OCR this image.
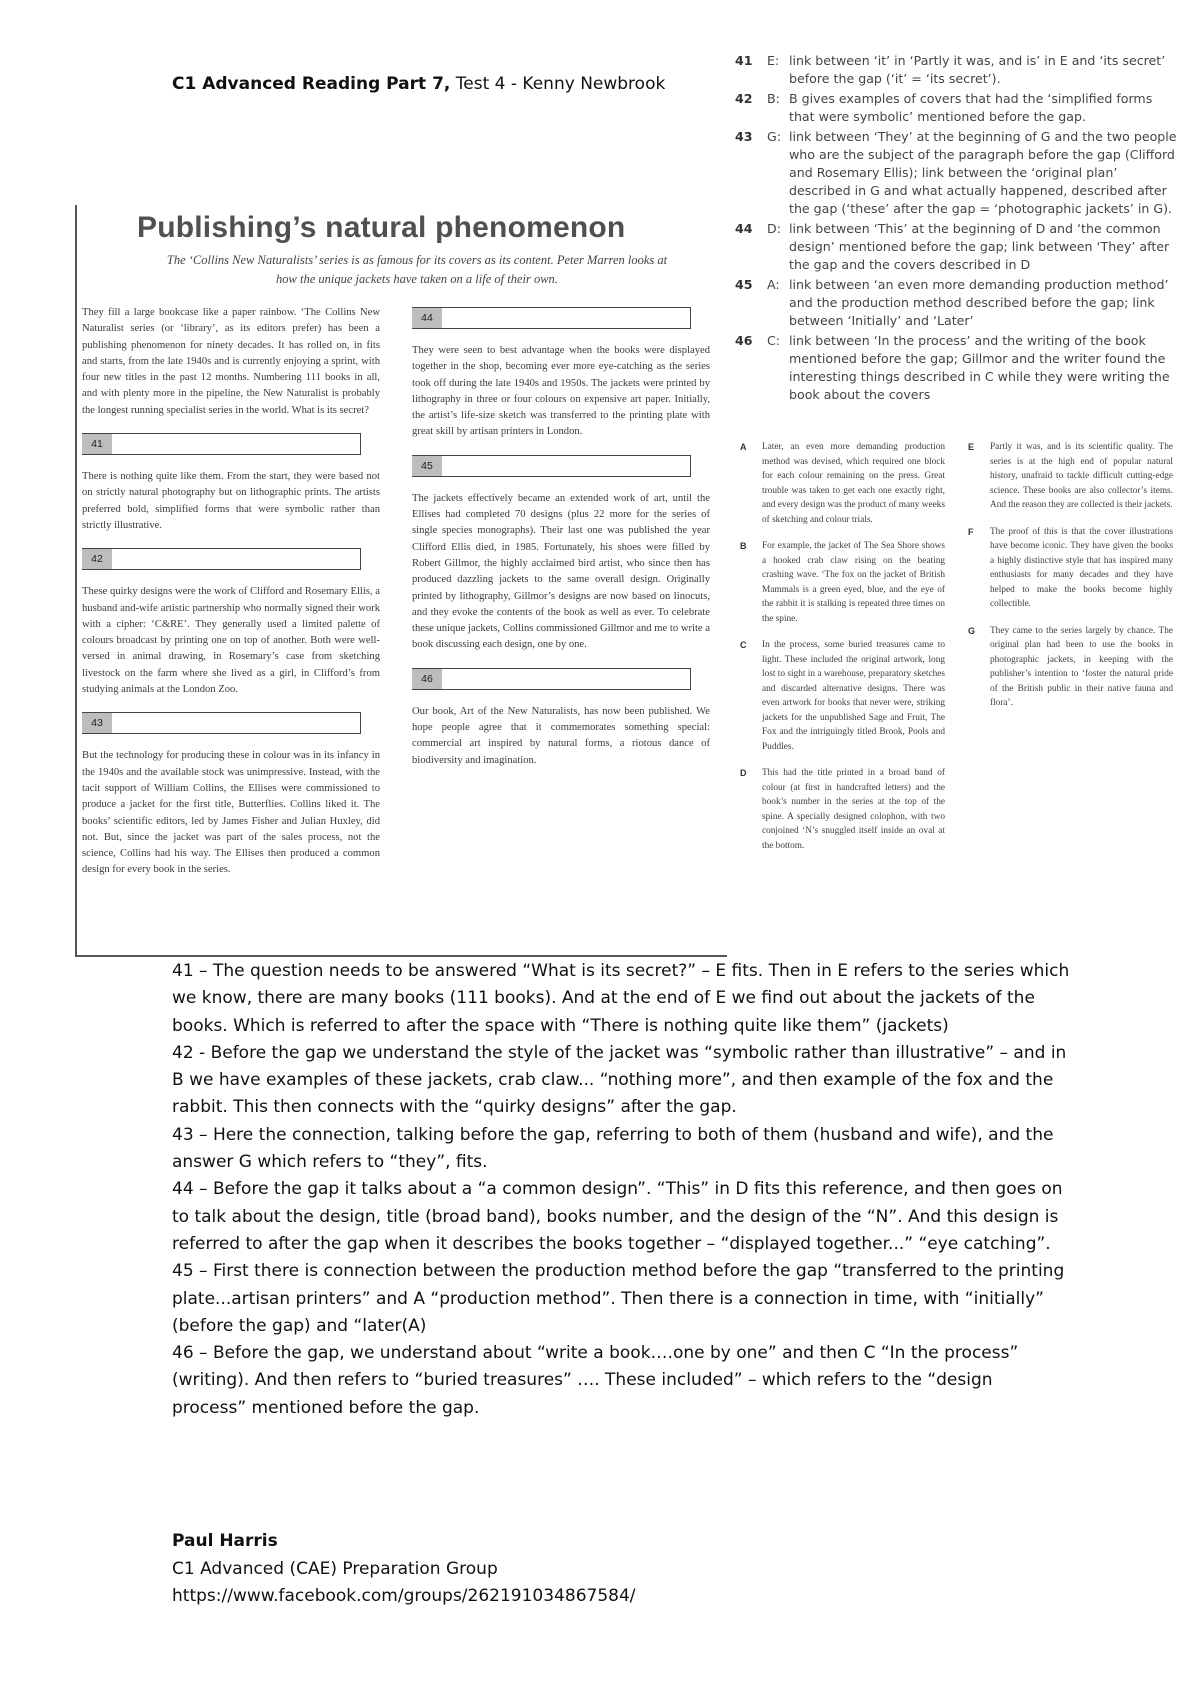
C1 Advanced Reading Part 7, Test 4 - Kenny Newbrook
Publishing’s natural phenomenon
The ‘Collins New Naturalists’ series is as famous for its covers as its content. Peter Marren looks at how the unique jackets have taken on a life of their own.

They fill a large bookcase like a paper rainbow. ‘The Collins New Naturalist series (or ‘library’, as its editors prefer) has been a publishing phenomenon for ninety decades. It has rolled on, in fits and starts, from the late 1940s and is currently enjoying a sprint, with four new titles in the past 12 months. Numbering 111 books in all, and with plenty more in the pipeline, the New Naturalist is probably the longest running specialist series in the world. What is its secret?

41

There is nothing quite like them. From the start, they were based not on strictly natural photography but on lithographic prints. The artists preferred bold, simplified forms that were symbolic rather than strictly illustrative.

42

These quirky designs were the work of Clifford and Rosemary Ellis, a husband and-wife artistic partnership who normally signed their work with a cipher: ‘C&RE’. They generally used a limited palette of colours broadcast by printing one on top of another. Both were well-versed in animal drawing, in Rosemary’s case from sketching livestock on the farm where she lived as a girl, in Clifford’s from studying animals at the London Zoo.

43

But the technology for producing these in colour was in its infancy in the 1940s and the available stock was unimpressive. Instead, with the tacit support of William Collins, the Ellises were commissioned to produce a jacket for the first title, Butterflies. Collins liked it. The books’ scientific editors, led by James Fisher and Julian Huxley, did not. But, since the jacket was part of the sales process, not the science, Collins had his way. The Ellises then produced a common design for every book in the series.

44

They were seen to best advantage when the books were displayed together in the shop, becoming ever more eye-catching as the series took off during the late 1940s and 1950s. The jackets were printed by lithography in three or four colours on expensive art paper. Initially, the artist’s life-size sketch was transferred to the printing plate with great skill by artisan printers in London.

45

The jackets effectively became an extended work of art, until the Ellises had completed 70 designs (plus 22 more for the series of single species monographs). Their last one was published the year Clifford Ellis died, in 1985. Fortunately, his shoes were filled by Robert Gillmor, the highly acclaimed bird artist, who since then has produced dazzling jackets to the same overall design. Originally printed by lithography, Gillmor’s designs are now based on linocuts, and they evoke the contents of the book as well as ever. To celebrate these unique jackets, Collins commissioned Gillmor and me to write a book discussing each design, one by one.

46

Our book, Art of the New Naturalists, has now been published. We hope people agree that it commemorates something special: commercial art inspired by natural forms, a riotous dance of biodiversity and imagination.

41	E: link between ‘it’ in ‘Partly it was, and is’ in E and ‘its secret’ before the gap (‘it’ = ‘its secret’).
42	B: B gives examples of covers that had the ‘simplified forms that were symbolic’ mentioned before the gap.
43	G: link between ‘They’ at the beginning of G and the two people who are the subject of the paragraph before the gap (Clifford and Rosemary Ellis); link between the ‘original plan’ described in G and what actually happened, described after the gap (‘these’ after the gap = ‘photographic jackets’ in G).
44	D: link between ‘This’ at the beginning of D and ‘the common design’ mentioned before the gap; link between ‘They’ after the gap and the covers described in D
45	A: link between ‘an even more demanding production method’ and the production method described before the gap; link between ‘Initially’ and ‘Later’
46	C: link between ‘In the process’ and the writing of the book mentioned before the gap; Gillmor and the writer found the interesting things described in C while they were writing the book about the covers
A	Later, an even more demanding production method was devised, which required one block for each colour remaining on the press. Great trouble was taken to get each one exactly right, and every design was the product of many weeks of sketching and colour trials.
B	For example, the jacket of The Sea Shore shows a hooked crab claw rising on the beating crashing wave. ‘The fox on the jacket of British Mammals is a green eyed, blue, and the eye of the rabbit it is stalking is repeated three times on the spine.
C	In the process, some buried treasures came to light. These included the original artwork, long lost to sight in a warehouse, preparatory sketches and discarded alternative designs. There was even artwork for books that never were, striking jackets for the unpublished Sage and Fruit, The Fox and the intriguingly titled Brook, Pools and Puddles.
D	This had the title printed in a broad band of colour (at first in handcrafted letters) and the book’s number in the series at the top of the spine. A specially designed colophon, with two conjoined ‘N’s snuggled itself inside an oval at the bottom.
E	Partly it was, and is its scientific quality. The series is at the high end of popular natural history, unafraid to tackle difficult cutting-edge science. These books are also collector’s items. And the reason they are collected is their jackets.
F	The proof of this is that the cover illustrations have become iconic. They have given the books a highly distinctive style that has inspired many enthusiasts for many decades and they have helped to make the books become highly collectible.
G	They came to the series largely by chance. The original plan had been to use the books in photographic jackets, in keeping with the publisher’s intention to ‘foster the natural pride of the British public in their native fauna and flora’.

41 – The question needs to be answered “What is its secret?” – E fits. Then in E refers to the series which we know, there are many books (111 books). And at the end of E we find out about the jackets of the books. Which is referred to after the space with “There is nothing quite like them” (jackets)

42 - Before the gap we understand the style of the jacket was “symbolic rather than illustrative” – and in B we have examples of these jackets, crab claw... “nothing more”, and then example of the fox and the rabbit. This then connects with the “quirky designs” after the gap.

43 – Here the connection, talking before the gap, referring to both of them (husband and wife), and the answer G which refers to “they”, fits.

44 – Before the gap it talks about a “a common design”. “This” in D fits this reference, and then goes on to talk about the design, title (broad band), books number, and the design of the “N”. And this design is referred to after the gap when it describes the books together – “displayed together...” “eye catching”.

45 – First there is connection between the production method before the gap “transferred to the printing plate...artisan printers” and A “production method”. Then there is a connection in time, with “initially” (before the gap) and “later(A)

46 – Before the gap, we understand about “write a book….one by one” and then C “In the process” (writing). And then refers to “buried treasures” …. These included” – which refers to the “design process” mentioned before the gap.

Paul Harris
C1 Advanced (CAE) Preparation Group
https://www.facebook.com/groups/262191034867584/
